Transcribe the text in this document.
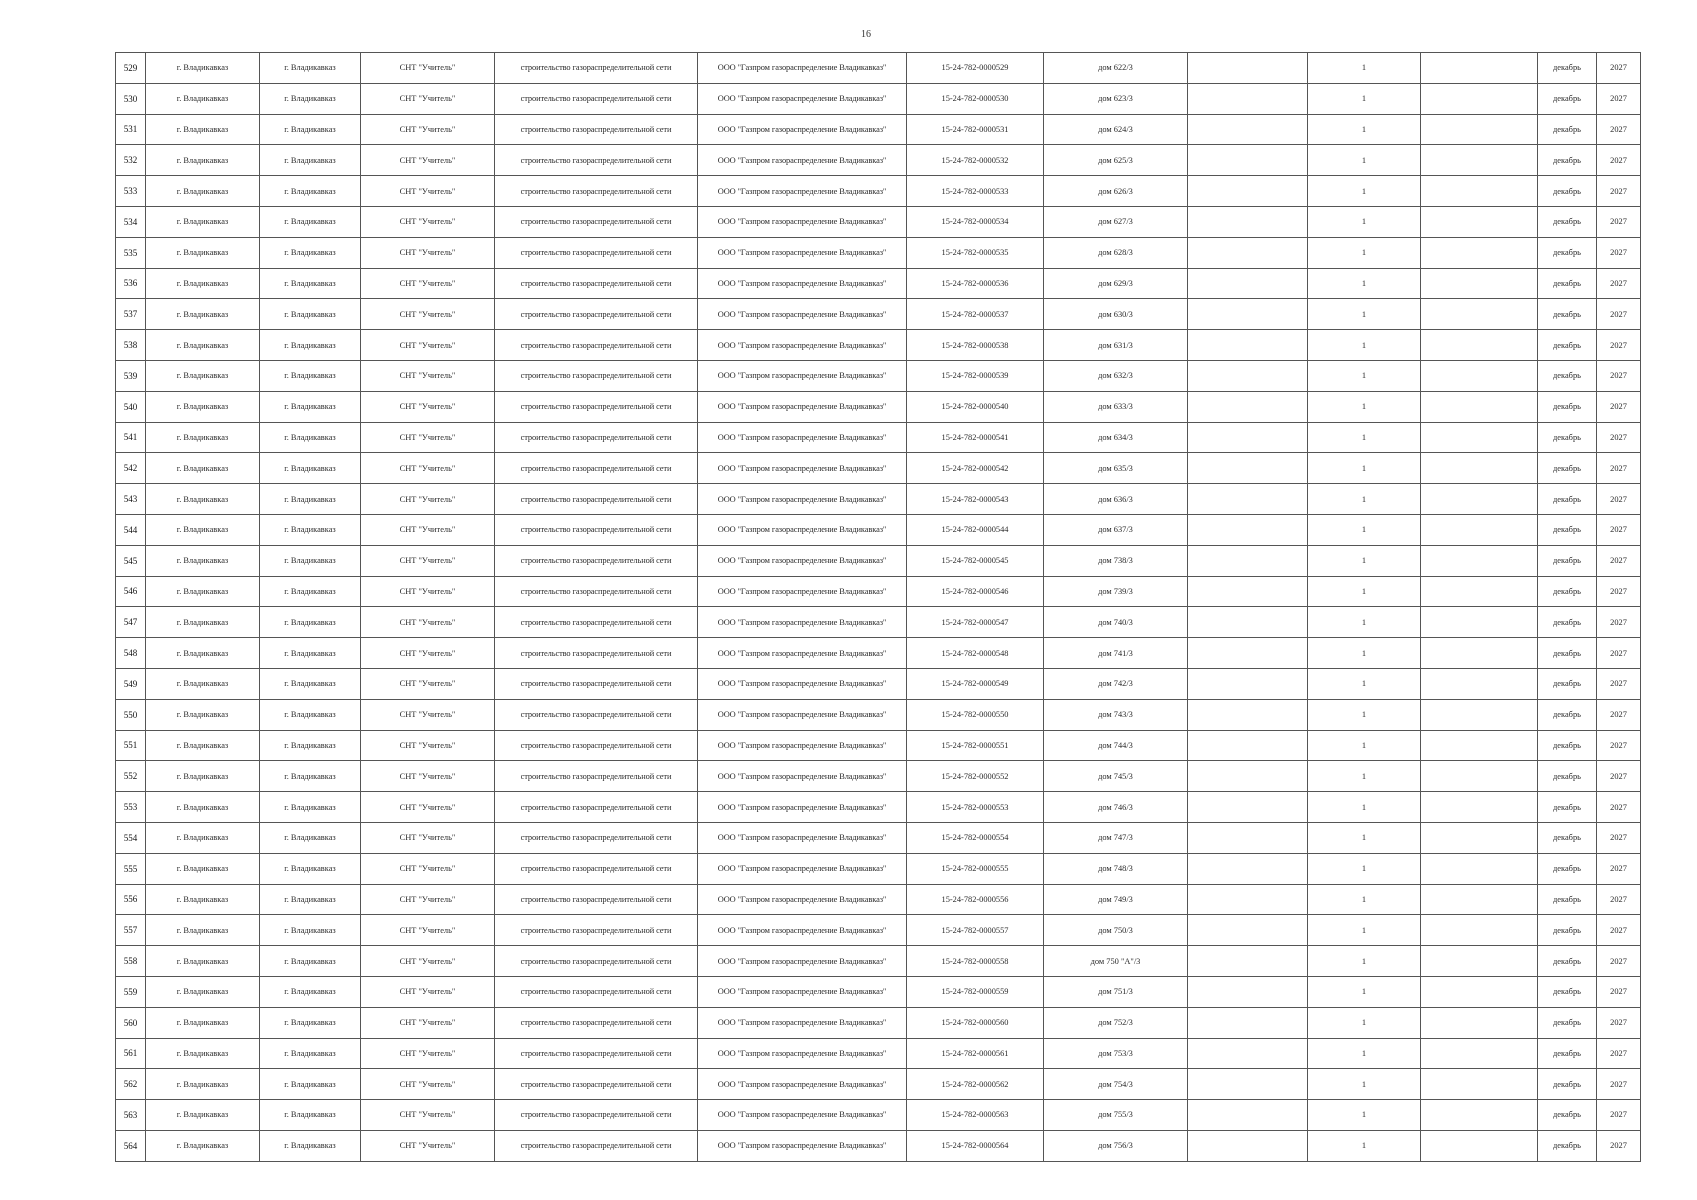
16
529	г. Владикавказ	г. Владикавказ	СНТ "Учитель"	строительство газораспределительной сети	ООО "Газпром газораспределение Владикавказ"	15-24-782-0000529	дом 622/3		1		декабрь	2027
530	г. Владикавказ	г. Владикавказ	СНТ "Учитель"	строительство газораспределительной сети	ООО "Газпром газораспределение Владикавказ"	15-24-782-0000530	дом 623/3		1		декабрь	2027
531	г. Владикавказ	г. Владикавказ	СНТ "Учитель"	строительство газораспределительной сети	ООО "Газпром газораспределение Владикавказ"	15-24-782-0000531	дом 624/3		1		декабрь	2027
532	г. Владикавказ	г. Владикавказ	СНТ "Учитель"	строительство газораспределительной сети	ООО "Газпром газораспределение Владикавказ"	15-24-782-0000532	дом 625/3		1		декабрь	2027
533	г. Владикавказ	г. Владикавказ	СНТ "Учитель"	строительство газораспределительной сети	ООО "Газпром газораспределение Владикавказ"	15-24-782-0000533	дом 626/3		1		декабрь	2027
534	г. Владикавказ	г. Владикавказ	СНТ "Учитель"	строительство газораспределительной сети	ООО "Газпром газораспределение Владикавказ"	15-24-782-0000534	дом 627/3		1		декабрь	2027
535	г. Владикавказ	г. Владикавказ	СНТ "Учитель"	строительство газораспределительной сети	ООО "Газпром газораспределение Владикавказ"	15-24-782-0000535	дом 628/3		1		декабрь	2027
536	г. Владикавказ	г. Владикавказ	СНТ "Учитель"	строительство газораспределительной сети	ООО "Газпром газораспределение Владикавказ"	15-24-782-0000536	дом 629/3		1		декабрь	2027
537	г. Владикавказ	г. Владикавказ	СНТ "Учитель"	строительство газораспределительной сети	ООО "Газпром газораспределение Владикавказ"	15-24-782-0000537	дом 630/3		1		декабрь	2027
538	г. Владикавказ	г. Владикавказ	СНТ "Учитель"	строительство газораспределительной сети	ООО "Газпром газораспределение Владикавказ"	15-24-782-0000538	дом 631/3		1		декабрь	2027
539	г. Владикавказ	г. Владикавказ	СНТ "Учитель"	строительство газораспределительной сети	ООО "Газпром газораспределение Владикавказ"	15-24-782-0000539	дом 632/3		1		декабрь	2027
540	г. Владикавказ	г. Владикавказ	СНТ "Учитель"	строительство газораспределительной сети	ООО "Газпром газораспределение Владикавказ"	15-24-782-0000540	дом 633/3		1		декабрь	2027
541	г. Владикавказ	г. Владикавказ	СНТ "Учитель"	строительство газораспределительной сети	ООО "Газпром газораспределение Владикавказ"	15-24-782-0000541	дом 634/3		1		декабрь	2027
542	г. Владикавказ	г. Владикавказ	СНТ "Учитель"	строительство газораспределительной сети	ООО "Газпром газораспределение Владикавказ"	15-24-782-0000542	дом 635/3		1		декабрь	2027
543	г. Владикавказ	г. Владикавказ	СНТ "Учитель"	строительство газораспределительной сети	ООО "Газпром газораспределение Владикавказ"	15-24-782-0000543	дом 636/3		1		декабрь	2027
544	г. Владикавказ	г. Владикавказ	СНТ "Учитель"	строительство газораспределительной сети	ООО "Газпром газораспределение Владикавказ"	15-24-782-0000544	дом 637/3		1		декабрь	2027
545	г. Владикавказ	г. Владикавказ	СНТ "Учитель"	строительство газораспределительной сети	ООО "Газпром газораспределение Владикавказ"	15-24-782-0000545	дом 738/3		1		декабрь	2027
546	г. Владикавказ	г. Владикавказ	СНТ "Учитель"	строительство газораспределительной сети	ООО "Газпром газораспределение Владикавказ"	15-24-782-0000546	дом 739/3		1		декабрь	2027
547	г. Владикавказ	г. Владикавказ	СНТ "Учитель"	строительство газораспределительной сети	ООО "Газпром газораспределение Владикавказ"	15-24-782-0000547	дом 740/3		1		декабрь	2027
548	г. Владикавказ	г. Владикавказ	СНТ "Учитель"	строительство газораспределительной сети	ООО "Газпром газораспределение Владикавказ"	15-24-782-0000548	дом 741/3		1		декабрь	2027
549	г. Владикавказ	г. Владикавказ	СНТ "Учитель"	строительство газораспределительной сети	ООО "Газпром газораспределение Владикавказ"	15-24-782-0000549	дом 742/3		1		декабрь	2027
550	г. Владикавказ	г. Владикавказ	СНТ "Учитель"	строительство газораспределительной сети	ООО "Газпром газораспределение Владикавказ"	15-24-782-0000550	дом 743/3		1		декабрь	2027
551	г. Владикавказ	г. Владикавказ	СНТ "Учитель"	строительство газораспределительной сети	ООО "Газпром газораспределение Владикавказ"	15-24-782-0000551	дом 744/3		1		декабрь	2027
552	г. Владикавказ	г. Владикавказ	СНТ "Учитель"	строительство газораспределительной сети	ООО "Газпром газораспределение Владикавказ"	15-24-782-0000552	дом 745/3		1		декабрь	2027
553	г. Владикавказ	г. Владикавказ	СНТ "Учитель"	строительство газораспределительной сети	ООО "Газпром газораспределение Владикавказ"	15-24-782-0000553	дом 746/3		1		декабрь	2027
554	г. Владикавказ	г. Владикавказ	СНТ "Учитель"	строительство газораспределительной сети	ООО "Газпром газораспределение Владикавказ"	15-24-782-0000554	дом 747/3		1		декабрь	2027
555	г. Владикавказ	г. Владикавказ	СНТ "Учитель"	строительство газораспределительной сети	ООО "Газпром газораспределение Владикавказ"	15-24-782-0000555	дом 748/3		1		декабрь	2027
556	г. Владикавказ	г. Владикавказ	СНТ "Учитель"	строительство газораспределительной сети	ООО "Газпром газораспределение Владикавказ"	15-24-782-0000556	дом 749/3		1		декабрь	2027
557	г. Владикавказ	г. Владикавказ	СНТ "Учитель"	строительство газораспределительной сети	ООО "Газпром газораспределение Владикавказ"	15-24-782-0000557	дом 750/3		1		декабрь	2027
558	г. Владикавказ	г. Владикавказ	СНТ "Учитель"	строительство газораспределительной сети	ООО "Газпром газораспределение Владикавказ"	15-24-782-0000558	дом 750 "А"/3		1		декабрь	2027
559	г. Владикавказ	г. Владикавказ	СНТ "Учитель"	строительство газораспределительной сети	ООО "Газпром газораспределение Владикавказ"	15-24-782-0000559	дом 751/3		1		декабрь	2027
560	г. Владикавказ	г. Владикавказ	СНТ "Учитель"	строительство газораспределительной сети	ООО "Газпром газораспределение Владикавказ"	15-24-782-0000560	дом 752/3		1		декабрь	2027
561	г. Владикавказ	г. Владикавказ	СНТ "Учитель"	строительство газораспределительной сети	ООО "Газпром газораспределение Владикавказ"	15-24-782-0000561	дом 753/3		1		декабрь	2027
562	г. Владикавказ	г. Владикавказ	СНТ "Учитель"	строительство газораспределительной сети	ООО "Газпром газораспределение Владикавказ"	15-24-782-0000562	дом 754/3		1		декабрь	2027
563	г. Владикавказ	г. Владикавказ	СНТ "Учитель"	строительство газораспределительной сети	ООО "Газпром газораспределение Владикавказ"	15-24-782-0000563	дом 755/3		1		декабрь	2027
564	г. Владикавказ	г. Владикавказ	СНТ "Учитель"	строительство газораспределительной сети	ООО "Газпром газораспределение Владикавказ"	15-24-782-0000564	дом 756/3		1		декабрь	2027
